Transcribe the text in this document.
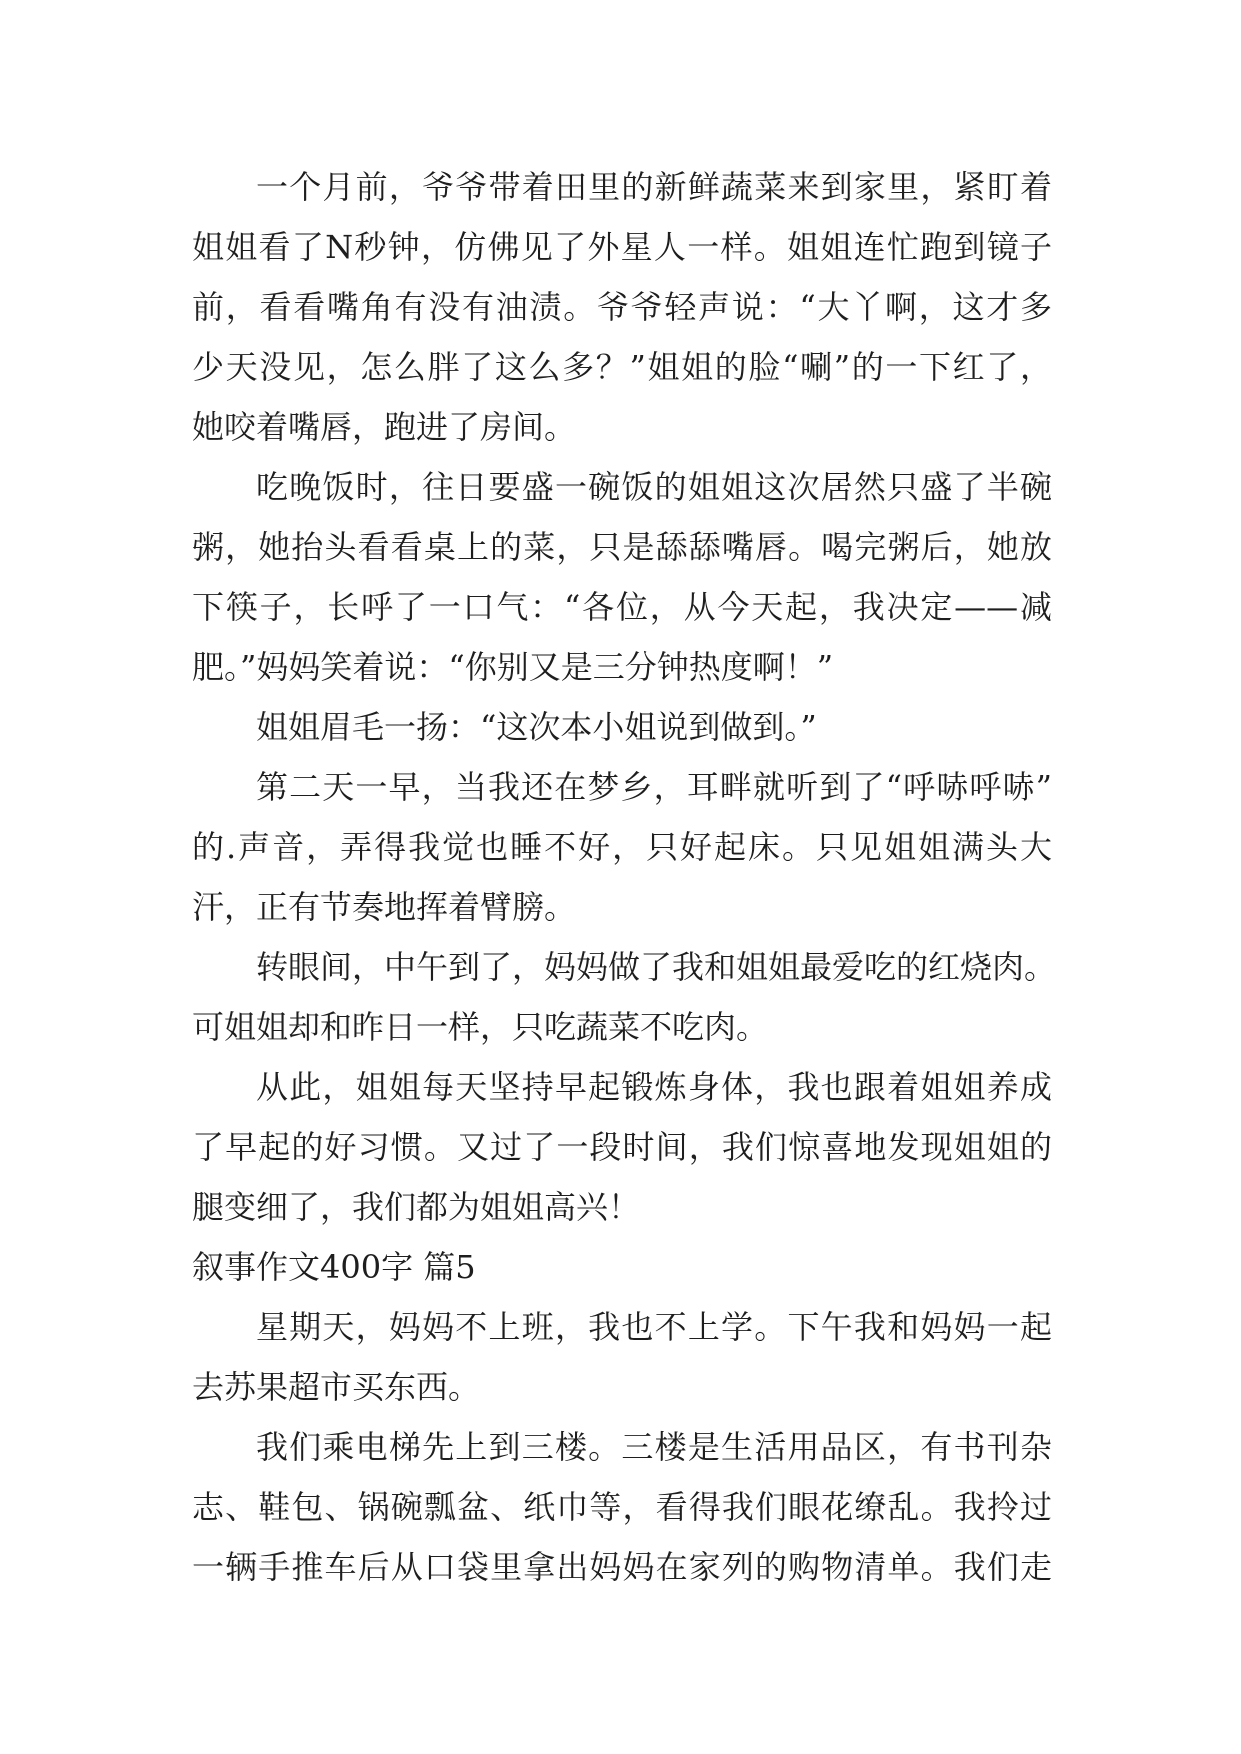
一个月前，爷爷带着田里的新鲜蔬菜来到家里，紧盯着
姐姐看了N秒钟，仿佛见了外星人一样。姐姐连忙跑到镜子
前，看看嘴角有没有油渍。爷爷轻声说：“大丫啊，这才多
少天没见，怎么胖了这么多？”姐姐的脸“唰”的一下红了，
她咬着嘴唇，跑进了房间。
吃晚饭时，往日要盛一碗饭的姐姐这次居然只盛了半碗
粥，她抬头看看桌上的菜，只是舔舔嘴唇。喝完粥后，她放
下筷子，长呼了一口气：“各位，从今天起，我决定——减
肥。”妈妈笑着说：“你别又是三分钟热度啊！”
姐姐眉毛一扬：“这次本小姐说到做到。”
第二天一早，当我还在梦乡，耳畔就听到了“呼哧呼哧”
的.声音，弄得我觉也睡不好，只好起床。只见姐姐满头大
汗，正有节奏地挥着臂膀。
转眼间，中午到了，妈妈做了我和姐姐最爱吃的红烧肉。
可姐姐却和昨日一样，只吃蔬菜不吃肉。
从此，姐姐每天坚持早起锻炼身体，我也跟着姐姐养成
了早起的好习惯。又过了一段时间，我们惊喜地发现姐姐的
腿变细了，我们都为姐姐高兴！
叙事作文400字 篇5
星期天，妈妈不上班，我也不上学。下午我和妈妈一起
去苏果超市买东西。
我们乘电梯先上到三楼。三楼是生活用品区，有书刊杂
志、鞋包、锅碗瓢盆、纸巾等，看得我们眼花缭乱。我拎过
一辆手推车后从口袋里拿出妈妈在家列的购物清单。我们走
